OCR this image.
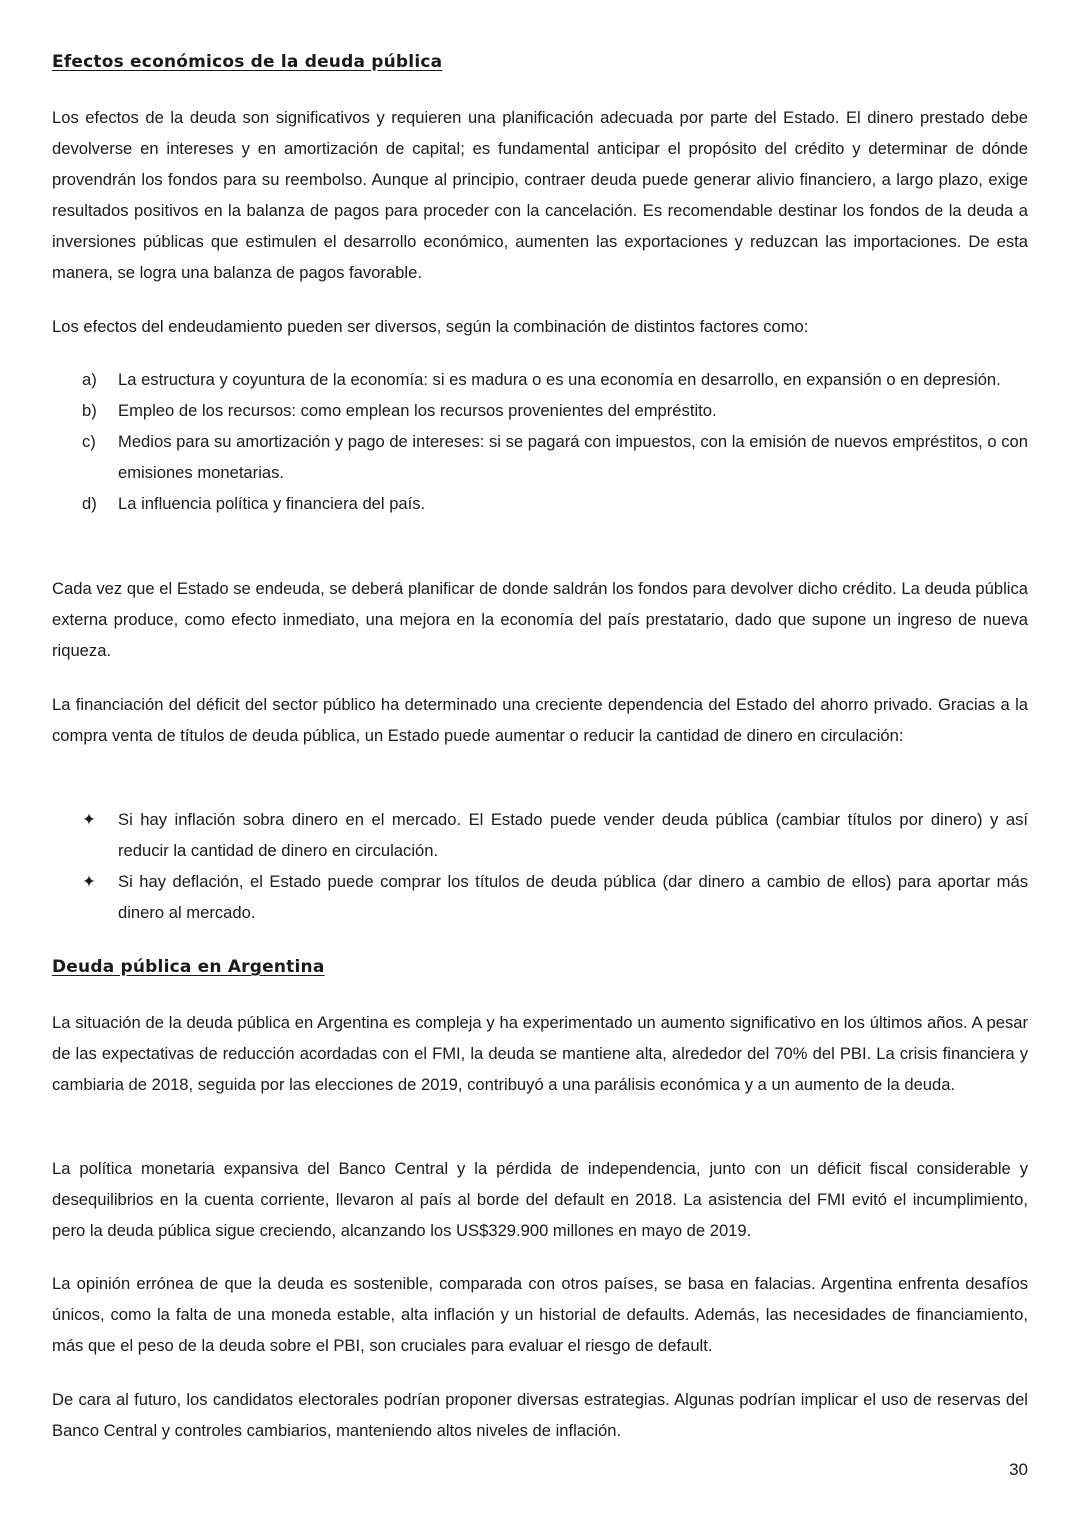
Efectos económicos de la deuda pública

Los efectos de la deuda son significativos y requieren una planificación adecuada por parte del Estado. El dinero prestado debe devolverse en intereses y en amortización de capital; es fundamental anticipar el propósito del crédito y determinar de dónde provendrán los fondos para su reembolso. Aunque al principio, contraer deuda puede generar alivio financiero, a largo plazo, exige resultados positivos en la balanza de pagos para proceder con la cancelación. Es recomendable destinar los fondos de la deuda a inversiones públicas que estimulen el desarrollo económico, aumenten las exportaciones y reduzcan las importaciones. De esta manera, se logra una balanza de pagos favorable.

Los efectos del endeudamiento pueden ser diversos, según la combinación de distintos factores como:

a)	La estructura y coyuntura de la economía: si es madura o es una economía en desarrollo, en expansión o en depresión.
b)	Empleo de los recursos: como emplean los recursos provenientes del empréstito.
c)	Medios para su amortización y pago de intereses: si se pagará con impuestos, con la emisión de nuevos empréstitos, o con emisiones monetarias.
d)	La influencia política y financiera del país.

Cada vez que el Estado se endeuda, se deberá planificar de donde saldrán los fondos para devolver dicho crédito. La deuda pública externa produce, como efecto inmediato, una mejora en la economía del país prestatario, dado que supone un ingreso de nueva riqueza.

La financiación del déficit del sector público ha determinado una creciente dependencia del Estado del ahorro privado. Gracias a la compra venta de títulos de deuda pública, un Estado puede aumentar o reducir la cantidad de dinero en circulación:

✦	Si hay inflación sobra dinero en el mercado. El Estado puede vender deuda pública (cambiar títulos por dinero) y así reducir la cantidad de dinero en circulación.
✦	Si hay deflación, el Estado puede comprar los títulos de deuda pública (dar dinero a cambio de ellos) para aportar más dinero al mercado.
Deuda pública en Argentina

La situación de la deuda pública en Argentina es compleja y ha experimentado un aumento significativo en los últimos años. A pesar de las expectativas de reducción acordadas con el FMI, la deuda se mantiene alta, alrededor del 70% del PBI. La crisis financiera y cambiaria de 2018, seguida por las elecciones de 2019, contribuyó a una parálisis económica y a un aumento de la deuda.

La política monetaria expansiva del Banco Central y la pérdida de independencia, junto con un déficit fiscal considerable y desequilibrios en la cuenta corriente, llevaron al país al borde del default en 2018. La asistencia del FMI evitó el incumplimiento, pero la deuda pública sigue creciendo, alcanzando los US$329.900 millones en mayo de 2019.

La opinión errónea de que la deuda es sostenible, comparada con otros países, se basa en falacias. Argentina enfrenta desafíos únicos, como la falta de una moneda estable, alta inflación y un historial de defaults. Además, las necesidades de financiamiento, más que el peso de la deuda sobre el PBI, son cruciales para evaluar el riesgo de default.

De cara al futuro, los candidatos electorales podrían proponer diversas estrategias. Algunas podrían implicar el uso de reservas del Banco Central y controles cambiarios, manteniendo altos niveles de inflación.

30
